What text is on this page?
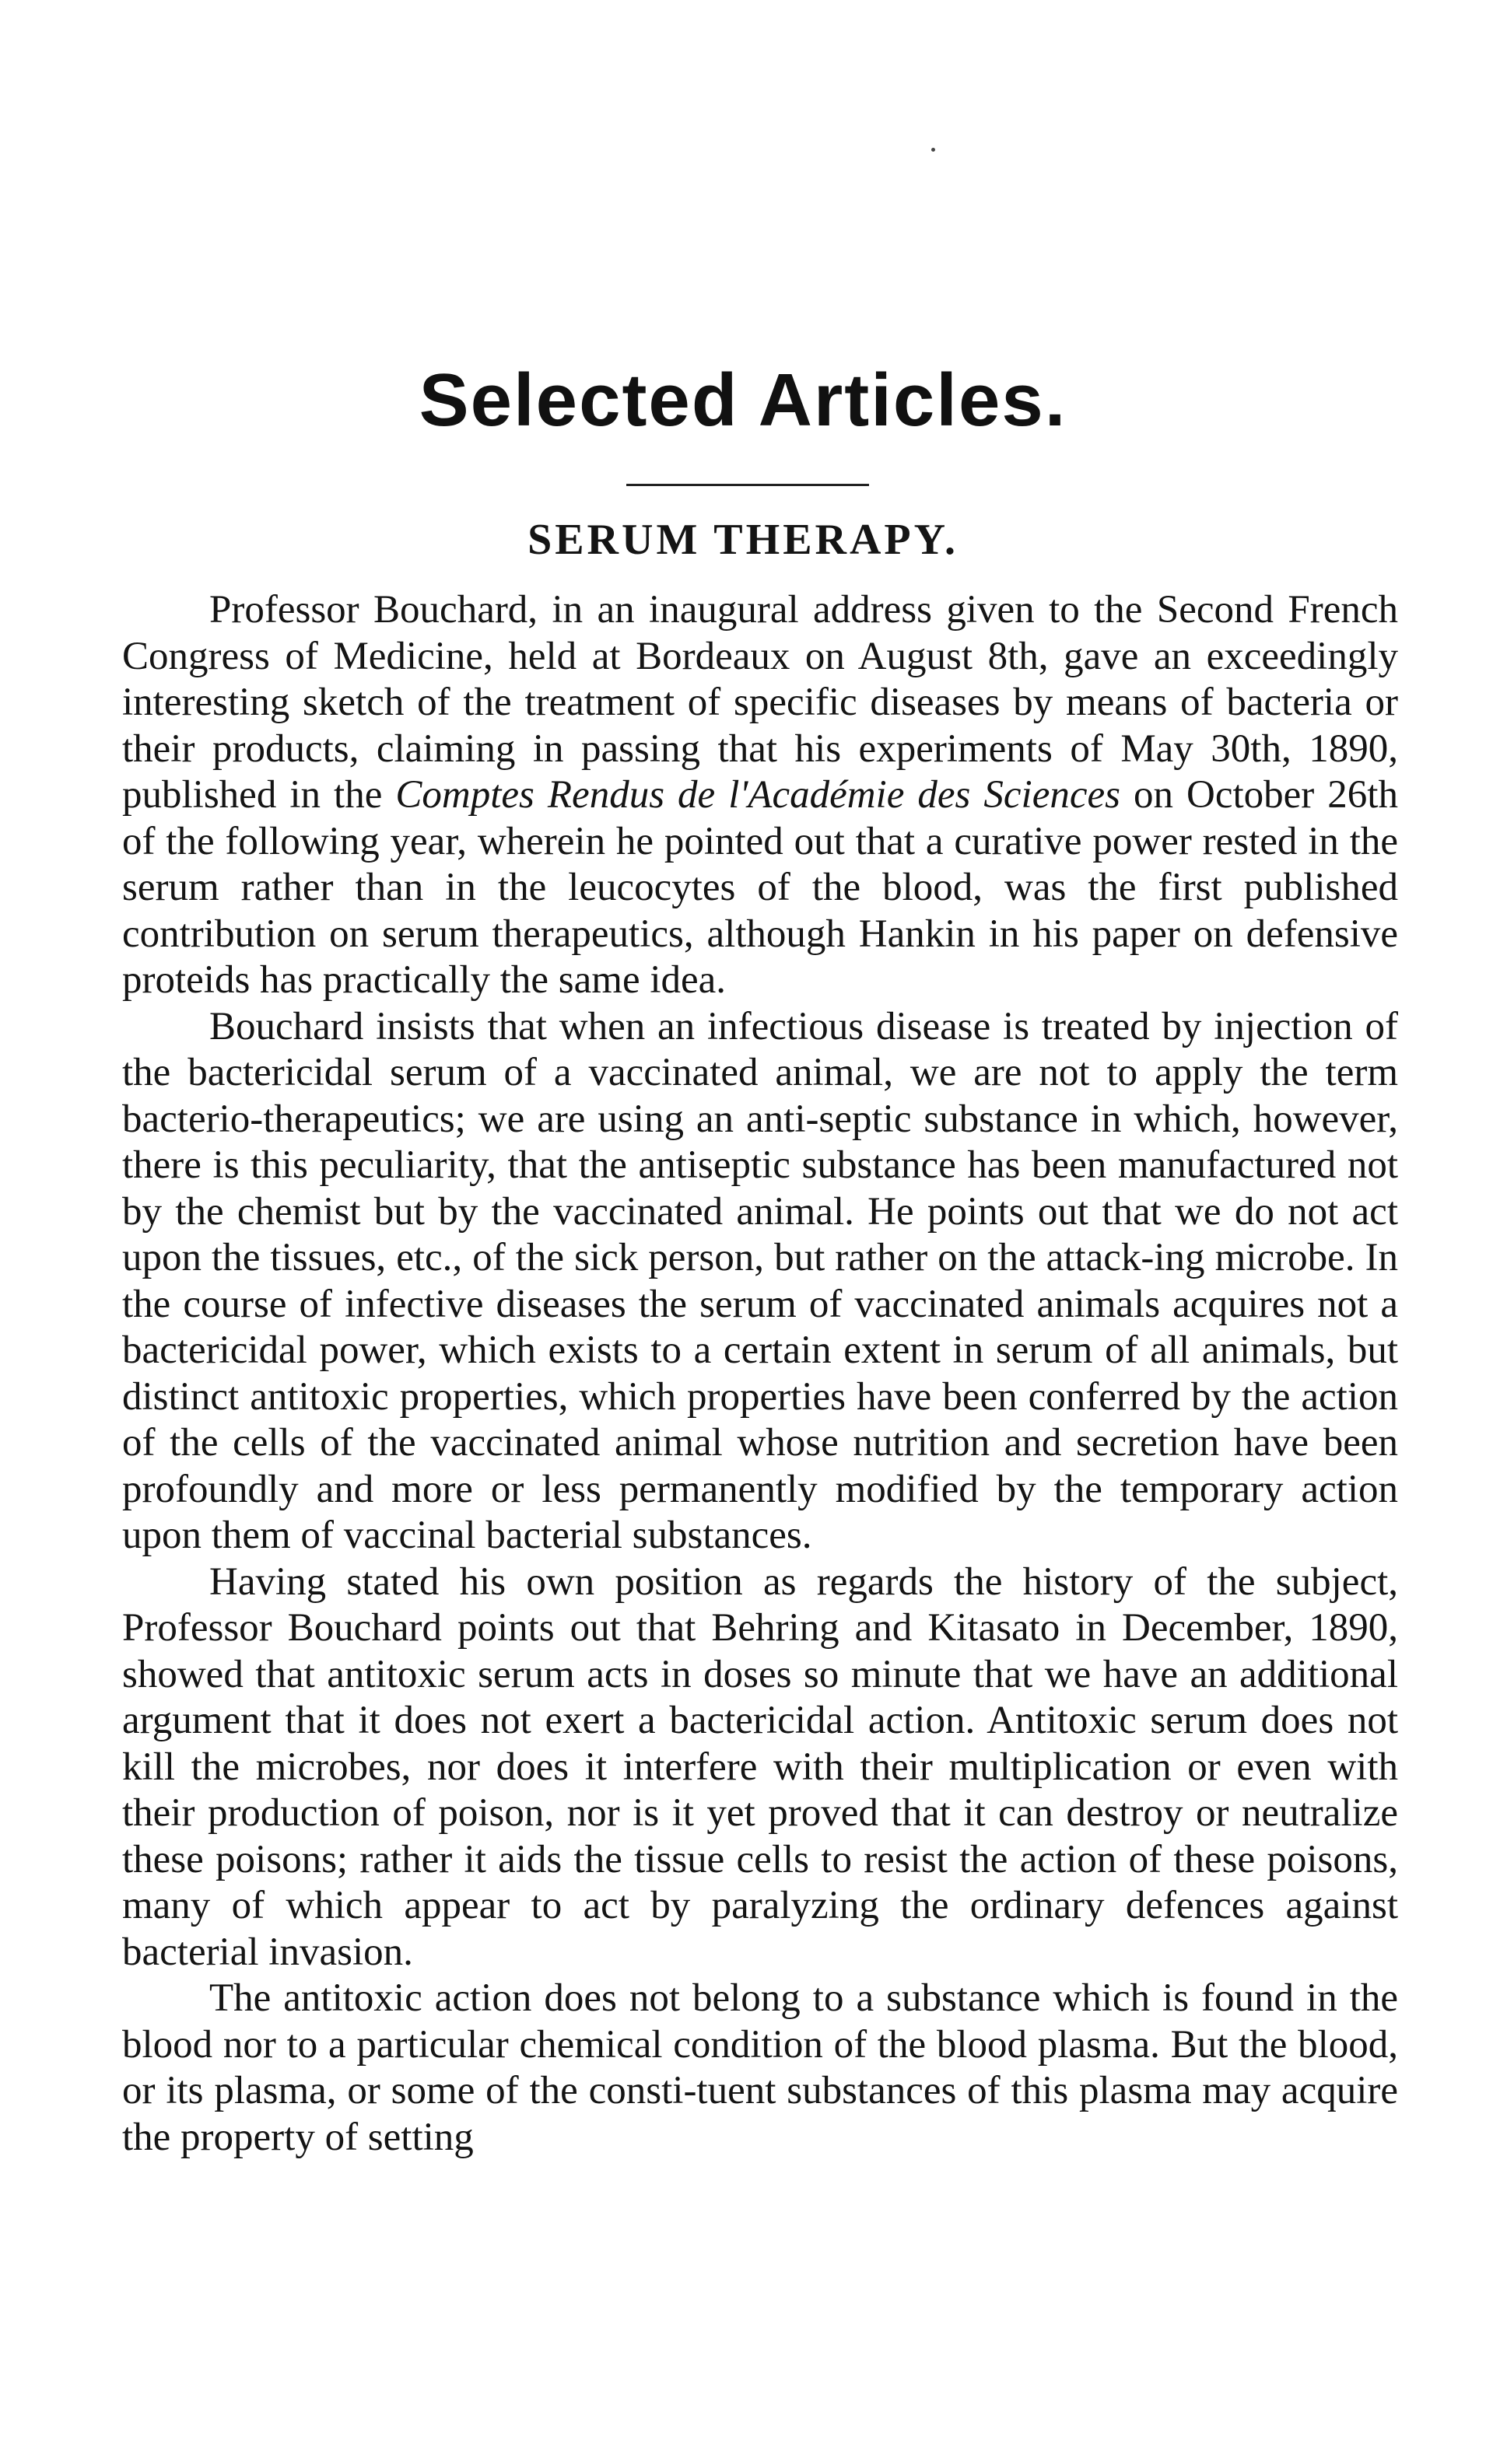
Selected Articles.
SERUM THERAPY.

Professor Bouchard, in an inaugural address given to the Second French Congress of Medicine, held at Bordeaux on August 8th, gave an exceedingly interesting sketch of the treatment of specific diseases by means of bacteria or their products, claiming in passing that his experiments of May 30th, 1890, published in the Comptes Rendus de l'Académie des Sciences on October 26th of the following year, wherein he pointed out that a curative power rested in the serum rather than in the leucocytes of the blood, was the first published contribution on serum therapeutics, although Hankin in his paper on defensive proteids has practically the same idea.

Bouchard insists that when an infectious disease is treated by injection of the bactericidal serum of a vaccinated animal, we are not to apply the term bacterio-therapeutics; we are using an anti-septic substance in which, however, there is this peculiarity, that the antiseptic substance has been manufactured not by the chemist but by the vaccinated animal. He points out that we do not act upon the tissues, etc., of the sick person, but rather on the attack-ing microbe. In the course of infective diseases the serum of vaccinated animals acquires not a bactericidal power, which exists to a certain extent in serum of all animals, but distinct antitoxic properties, which properties have been conferred by the action of the cells of the vaccinated animal whose nutrition and secretion have been profoundly and more or less permanently modified by the temporary action upon them of vaccinal bacterial substances.

Having stated his own position as regards the history of the subject, Professor Bouchard points out that Behring and Kitasato in December, 1890, showed that antitoxic serum acts in doses so minute that we have an additional argument that it does not exert a bactericidal action. Antitoxic serum does not kill the microbes, nor does it interfere with their multiplication or even with their production of poison, nor is it yet proved that it can destroy or neutralize these poisons; rather it aids the tissue cells to resist the action of these poisons, many of which appear to act by paralyzing the ordinary defences against bacterial invasion.

The antitoxic action does not belong to a substance which is found in the blood nor to a particular chemical condition of the blood plasma. But the blood, or its plasma, or some of the consti-tuent substances of this plasma may acquire the property of setting
